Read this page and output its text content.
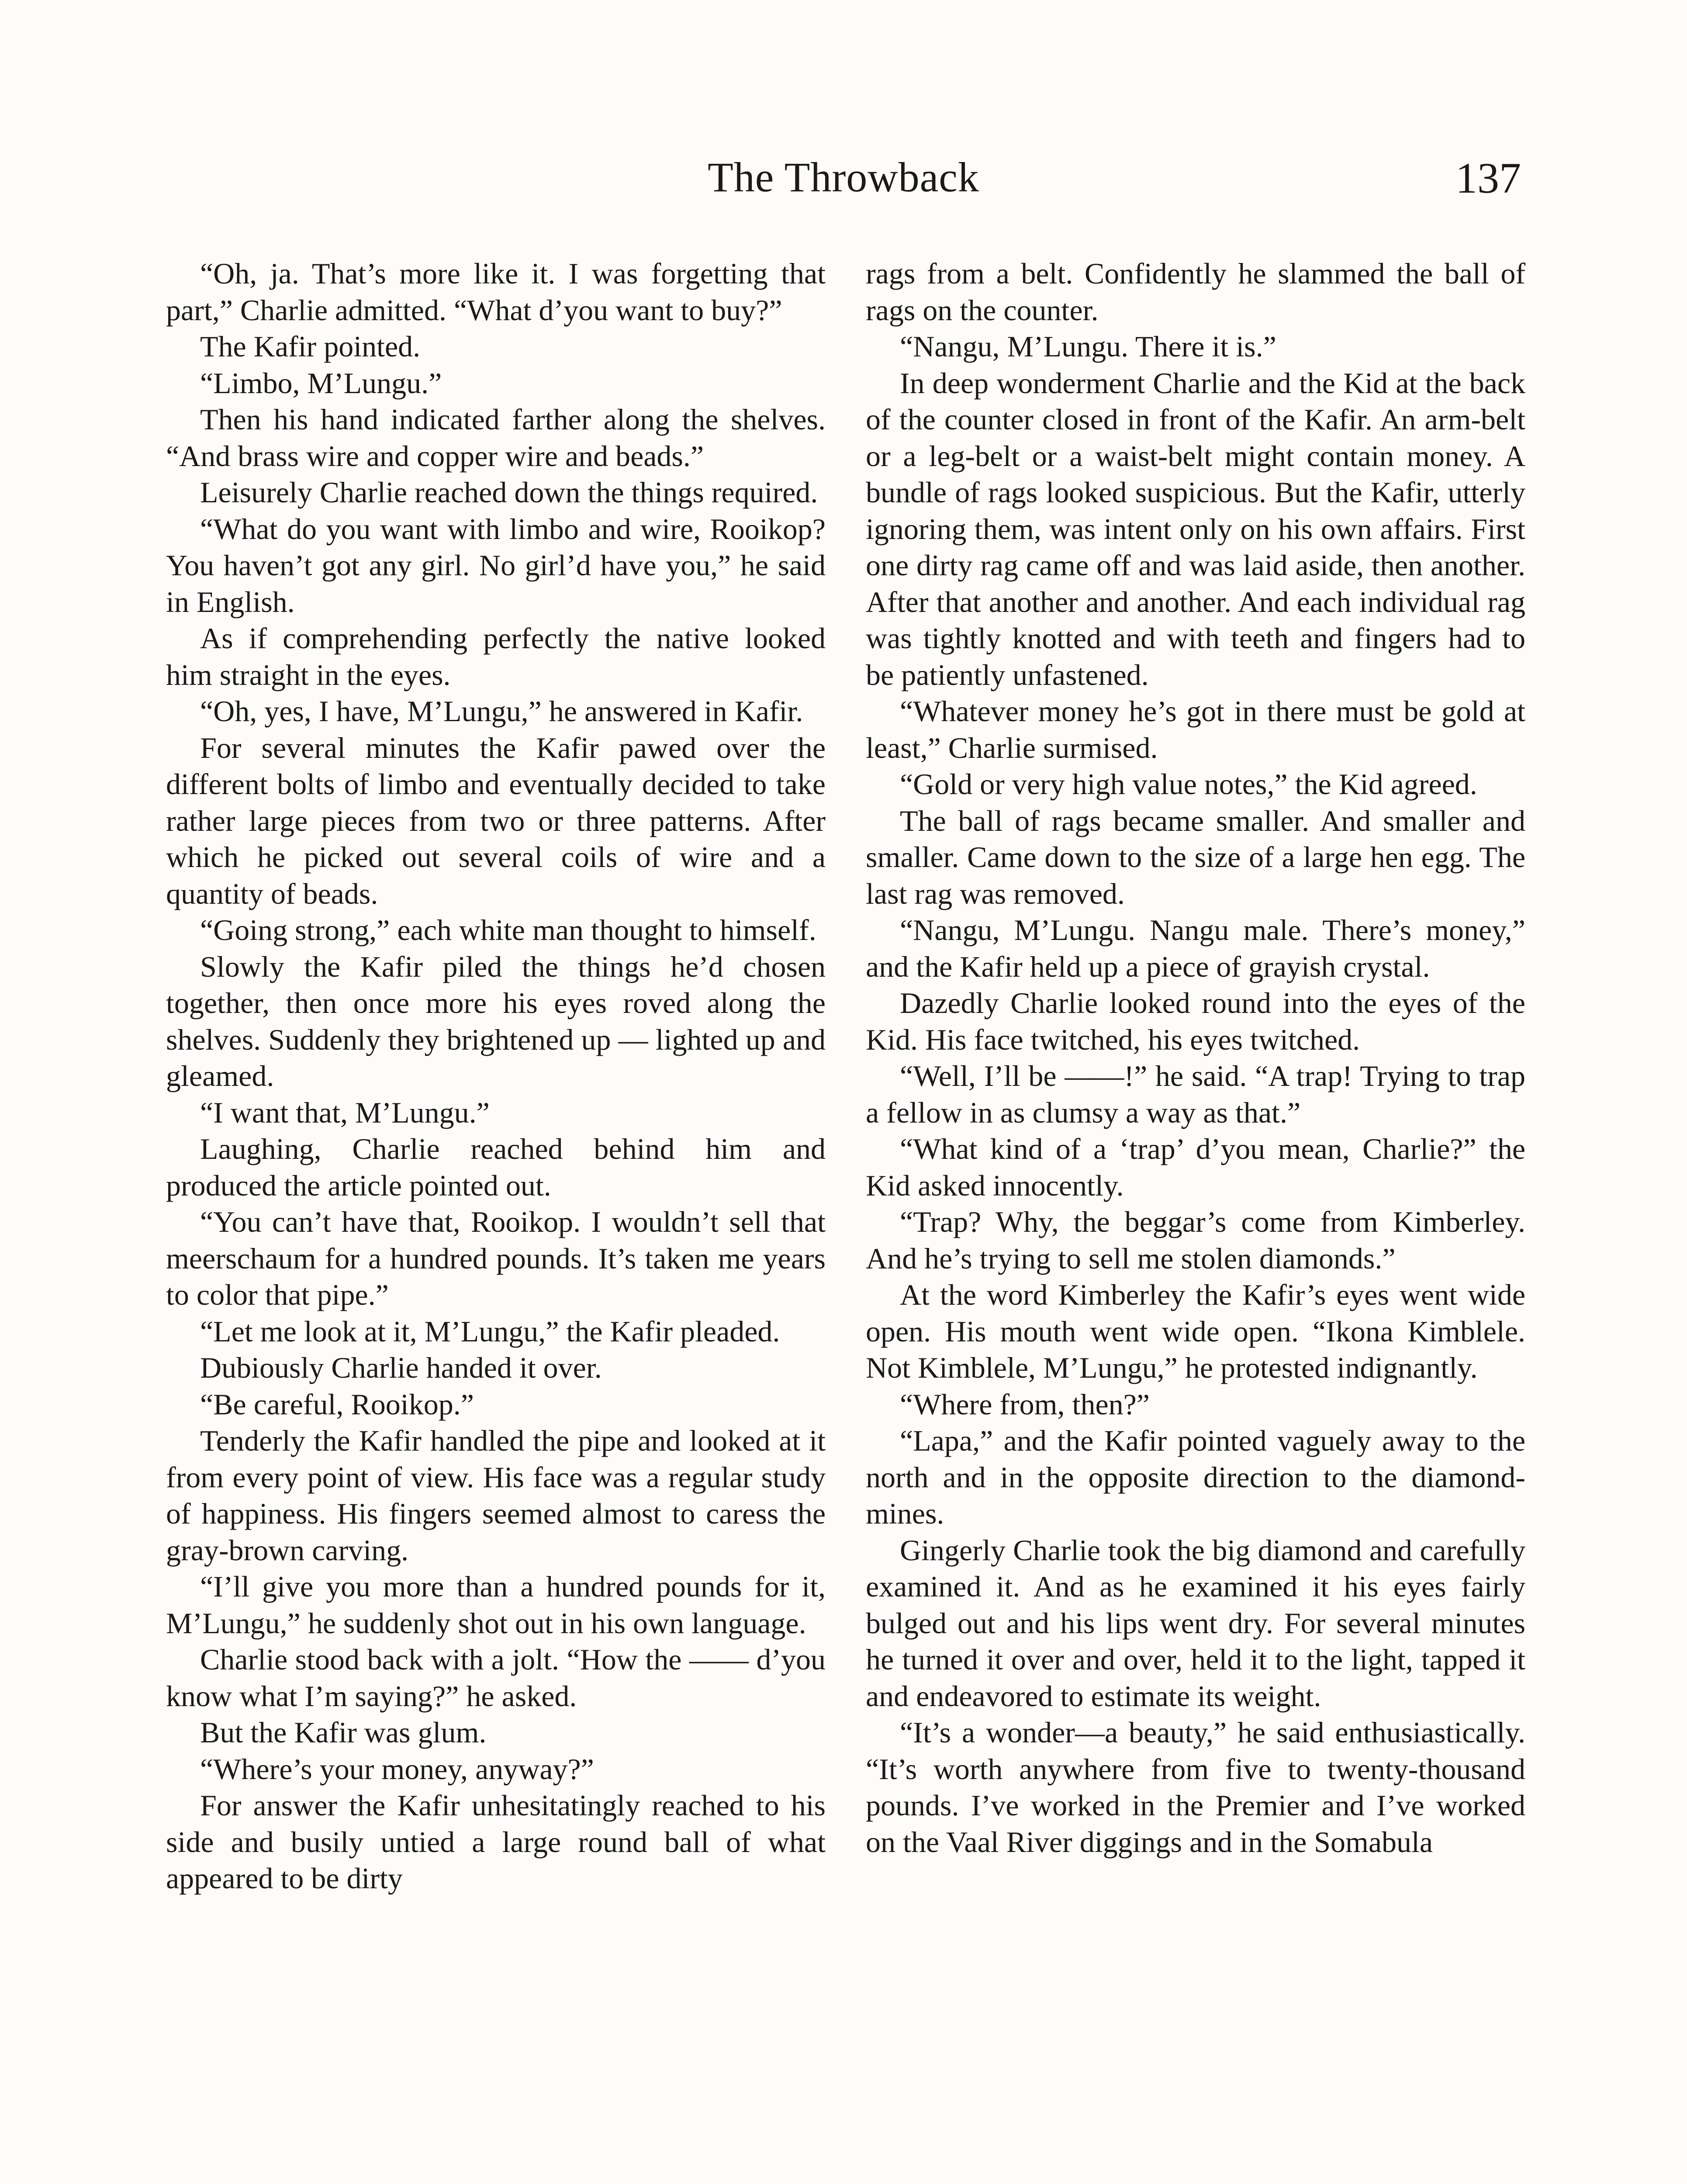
The Throwback	137

“Oh, ja. That’s more like it. I was forgetting that part,” Charlie admitted. “What d’you want to buy?”

The Kafir pointed.

“Limbo, M’Lungu.”

Then his hand indicated farther along the shelves. “And brass wire and copper wire and beads.”

Leisurely Charlie reached down the things required.

“What do you want with limbo and wire, Rooikop? You haven’t got any girl. No girl’d have you,” he said in English.

As if comprehending perfectly the native looked him straight in the eyes.

“Oh, yes, I have, M’Lungu,” he answered in Kafir.

For several minutes the Kafir pawed over the different bolts of limbo and eventually decided to take rather large pieces from two or three patterns. After which he picked out several coils of wire and a quantity of beads.

“Going strong,” each white man thought to himself.

Slowly the Kafir piled the things he’d chosen together, then once more his eyes roved along the shelves. Suddenly they brightened up — lighted up and gleamed.

“I want that, M’Lungu.”

Laughing, Charlie reached behind him and produced the article pointed out.

“You can’t have that, Rooikop. I wouldn’t sell that meerschaum for a hundred pounds. It’s taken me years to color that pipe.”

“Let me look at it, M’Lungu,” the Kafir pleaded.

Dubiously Charlie handed it over.

“Be careful, Rooikop.”

Tenderly the Kafir handled the pipe and looked at it from every point of view. His face was a regular study of happiness. His fingers seemed almost to caress the gray-brown carving.

“I’ll give you more than a hundred pounds for it, M’Lungu,” he suddenly shot out in his own language.

Charlie stood back with a jolt. “How the —— d’you know what I’m saying?” he asked.

But the Kafir was glum.

“Where’s your money, anyway?”

For answer the Kafir unhesitatingly reached to his side and busily untied a large round ball of what appeared to be dirty

rags from a belt. Confidently he slammed the ball of rags on the counter.

“Nangu, M’Lungu. There it is.”

In deep wonderment Charlie and the Kid at the back of the counter closed in front of the Kafir. An arm-belt or a leg-belt or a waist-belt might contain money. A bundle of rags looked suspicious. But the Kafir, utterly ignoring them, was intent only on his own affairs. First one dirty rag came off and was laid aside, then another. After that another and another. And each individual rag was tightly knotted and with teeth and fingers had to be patiently unfastened.

“Whatever money he’s got in there must be gold at least,” Charlie surmised.

“Gold or very high value notes,” the Kid agreed.

The ball of rags became smaller. And smaller and smaller. Came down to the size of a large hen egg. The last rag was removed.

“Nangu, M’Lungu. Nangu male. There’s money,” and the Kafir held up a piece of grayish crystal.

Dazedly Charlie looked round into the eyes of the Kid. His face twitched, his eyes twitched.

“Well, I’ll be ——!” he said. “A trap! Trying to trap a fellow in as clumsy a way as that.”

“What kind of a ‘trap’ d’you mean, Charlie?” the Kid asked innocently.

“Trap? Why, the beggar’s come from Kimberley. And he’s trying to sell me stolen diamonds.”

At the word Kimberley the Kafir’s eyes went wide open. His mouth went wide open. “Ikona Kimblele. Not Kimblele, M’Lungu,” he protested indignantly.

“Where from, then?”

“Lapa,” and the Kafir pointed vaguely away to the north and in the opposite direction to the diamond-mines.

Gingerly Charlie took the big diamond and carefully examined it. And as he examined it his eyes fairly bulged out and his lips went dry. For several minutes he turned it over and over, held it to the light, tapped it and endeavored to estimate its weight.

“It’s a wonder—a beauty,” he said enthusiastically. “It’s worth anywhere from five to twenty-thousand pounds. I’ve worked in the Premier and I’ve worked on the Vaal River diggings and in the Somabula
